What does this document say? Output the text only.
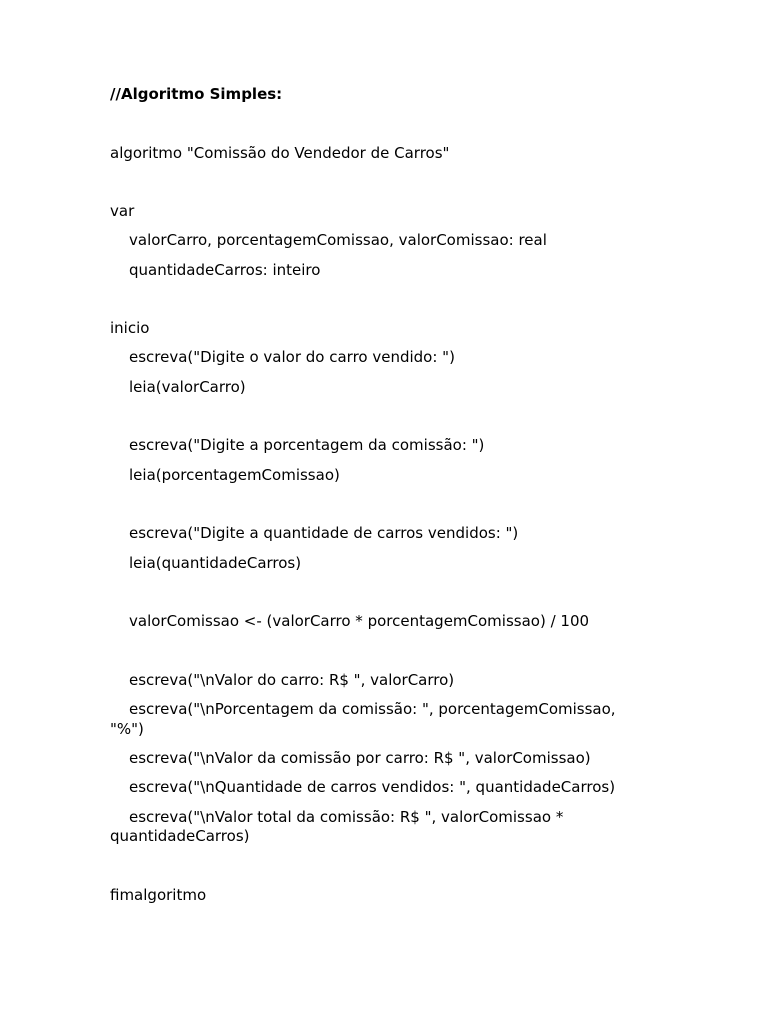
//Algoritmo Simples:
algoritmo "Comissão do Vendedor de Carros"
var
valorCarro, porcentagemComissao, valorComissao: real
quantidadeCarros: inteiro
inicio
escreva("Digite o valor do carro vendido: ")
leia(valorCarro)
escreva("Digite a porcentagem da comissão: ")
leia(porcentagemComissao)
escreva("Digite a quantidade de carros vendidos: ")
leia(quantidadeCarros)
valorComissao <- (valorCarro * porcentagemComissao) / 100
escreva("\nValor do carro: R$ ", valorCarro)
escreva("\nPorcentagem da comissão: ", porcentagemComissao,
"%")
escreva("\nValor da comissão por carro: R$ ", valorComissao)
escreva("\nQuantidade de carros vendidos: ", quantidadeCarros)
escreva("\nValor total da comissão: R$ ", valorComissao *
quantidadeCarros)
fimalgoritmo
